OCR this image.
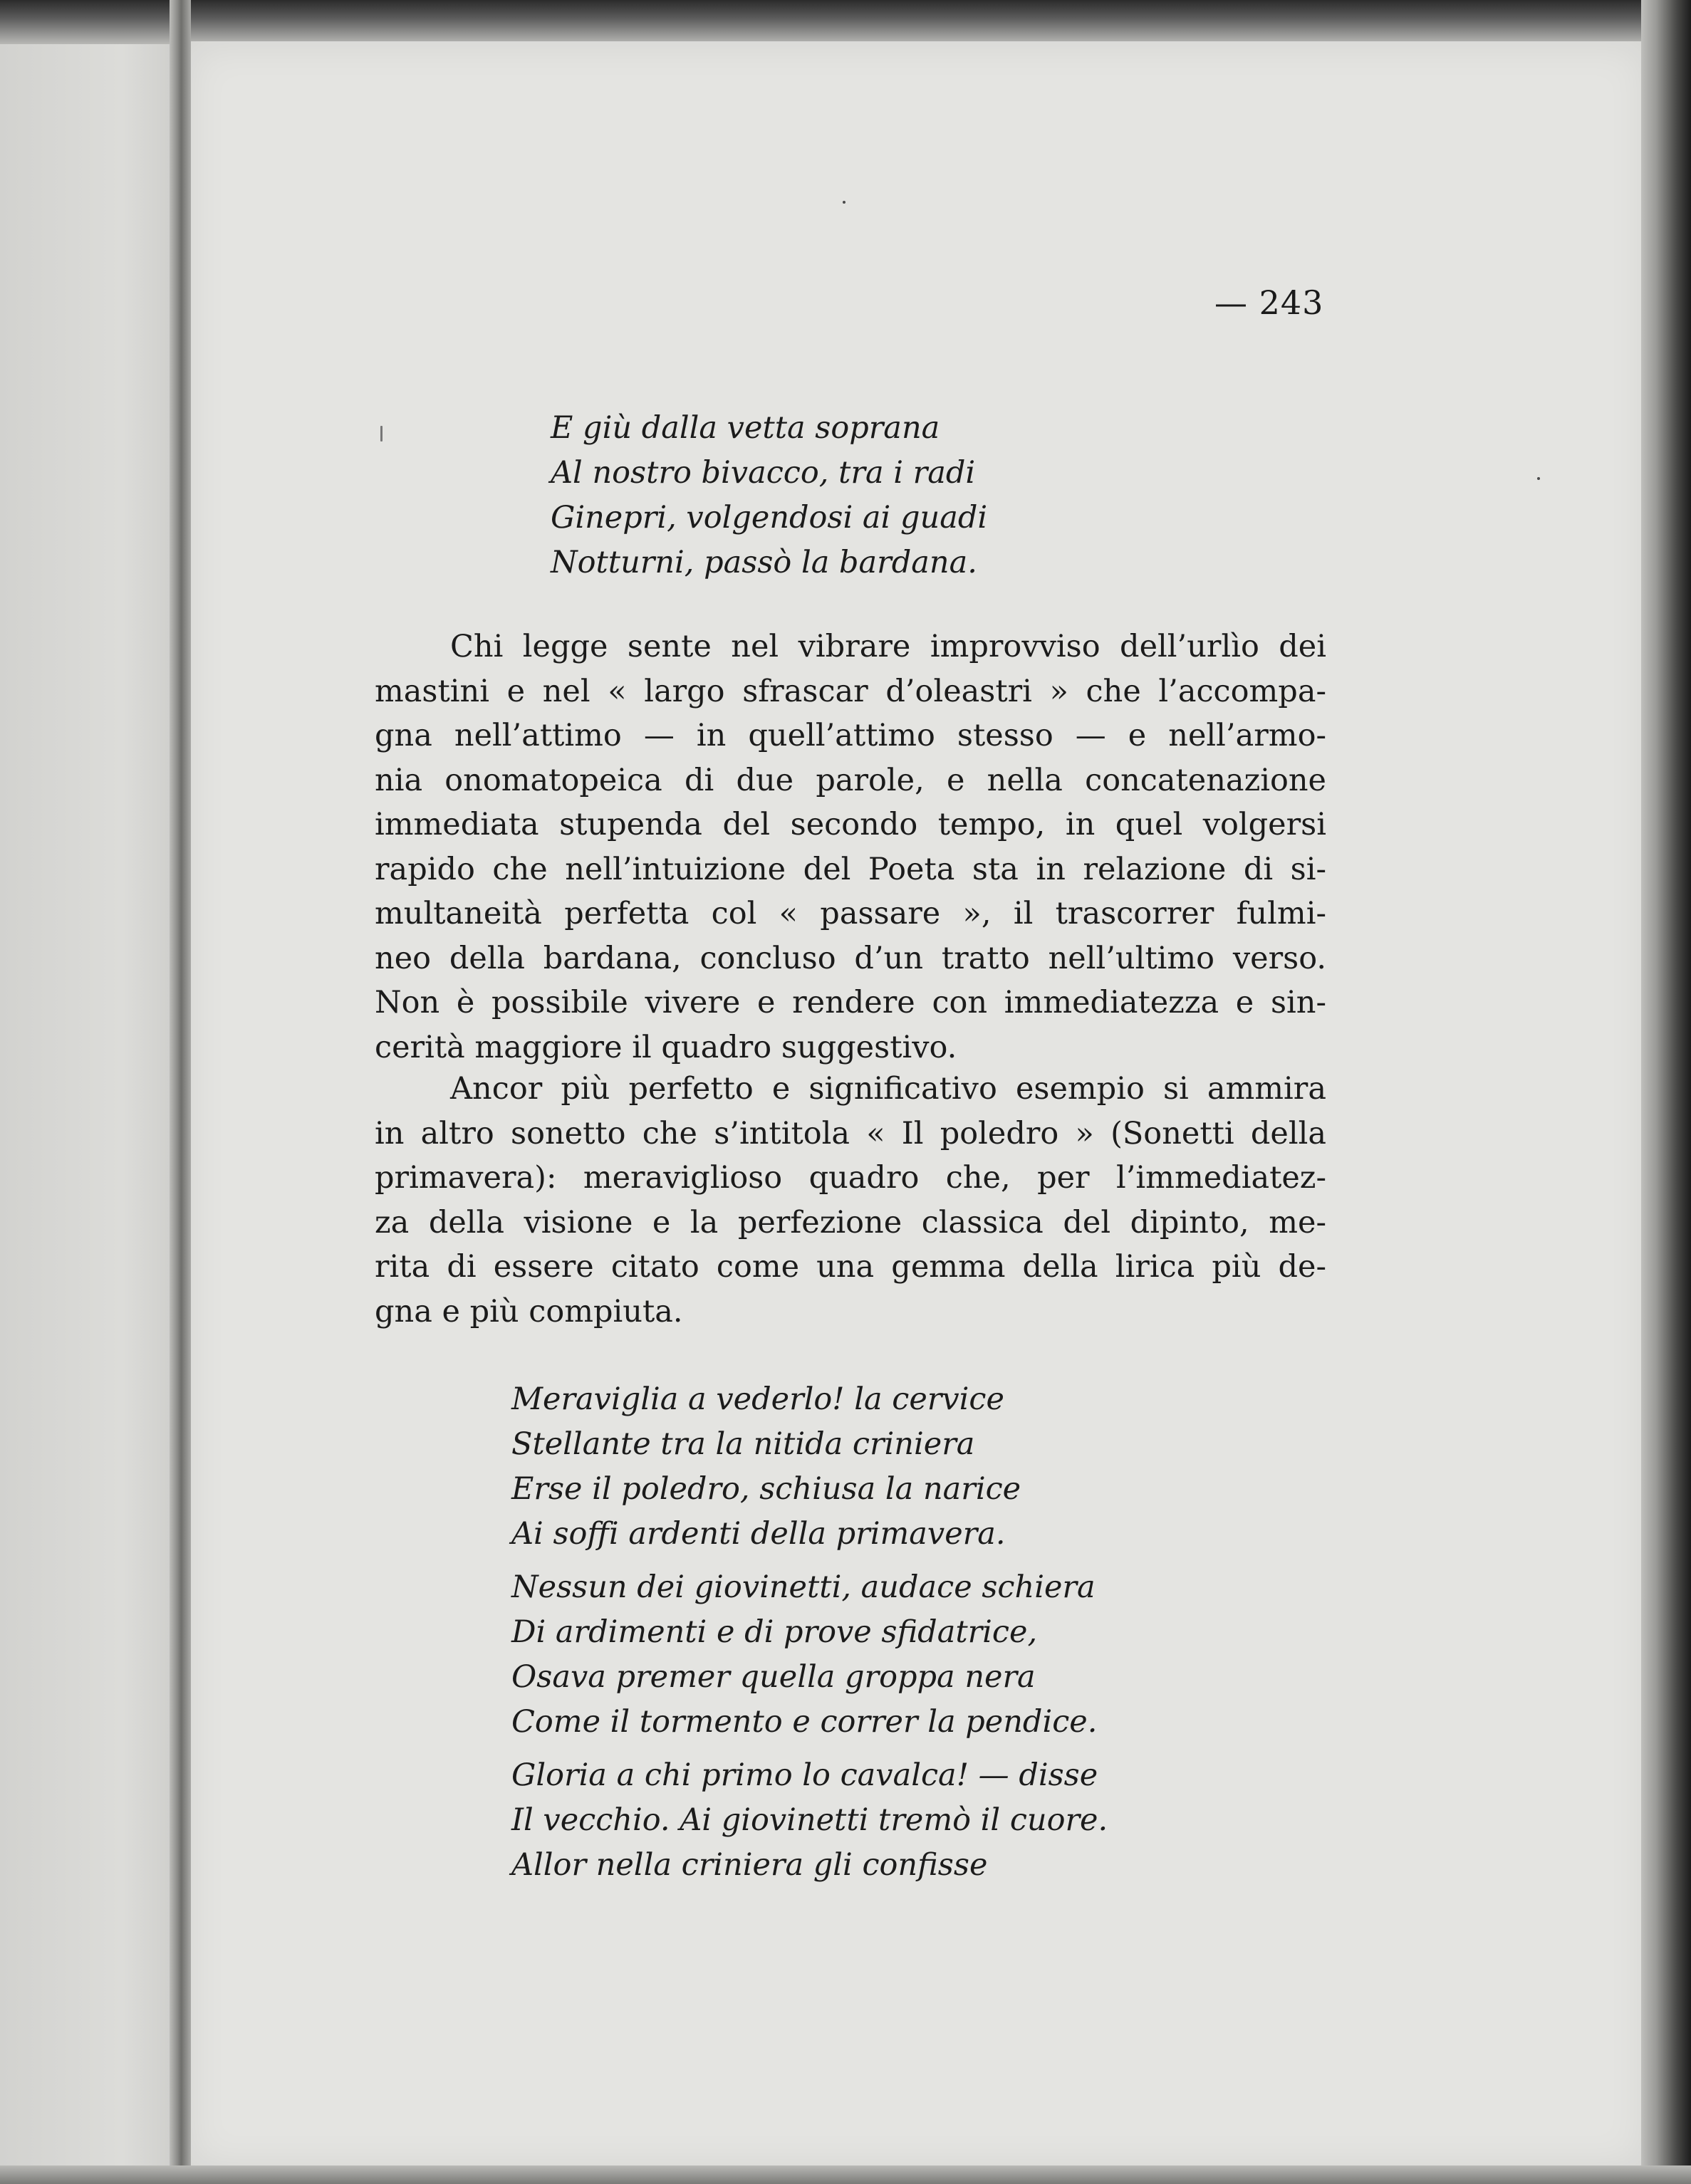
— 243
E giù dalla vetta soprana
Al nostro bivacco, tra i radi
Ginepri, volgendosi ai guadi
Notturni, passò la bardana.
Chi legge sente nel vibrare improvviso dell’urlìo dei
mastini e nel « largo sfrascar d’oleastri » che l’accompa-
gna nell’attimo — in quell’attimo stesso — e nell’armo-
nia onomatopeica di due parole, e nella concatenazione
immediata stupenda del secondo tempo, in quel volgersi
rapido che nell’intuizione del Poeta sta in relazione di si-
multaneità perfetta col « passare », il trascorrer fulmi-
neo della bardana, concluso d’un tratto nell’ultimo verso.
Non è possibile vivere e rendere con immediatezza e sin-
cerità maggiore il quadro suggestivo.
Ancor più perfetto e significativo esempio si ammira
in altro sonetto che s’intitola « Il poledro » (Sonetti della
primavera): meraviglioso quadro che, per l’immediatez-
za della visione e la perfezione classica del dipinto, me-
rita di essere citato come una gemma della lirica più de-
gna e più compiuta.
Meraviglia a vederlo! la cervice
Stellante tra la nitida criniera
Erse il poledro, schiusa la narice
Ai soffi ardenti della primavera.
Nessun dei giovinetti, audace schiera
Di ardimenti e di prove sfidatrice,
Osava premer quella groppa nera
Come il tormento e correr la pendice.
Gloria a chi primo lo cavalca! — disse
Il vecchio. Ai giovinetti tremò il cuore.
Allor nella criniera gli confisse
